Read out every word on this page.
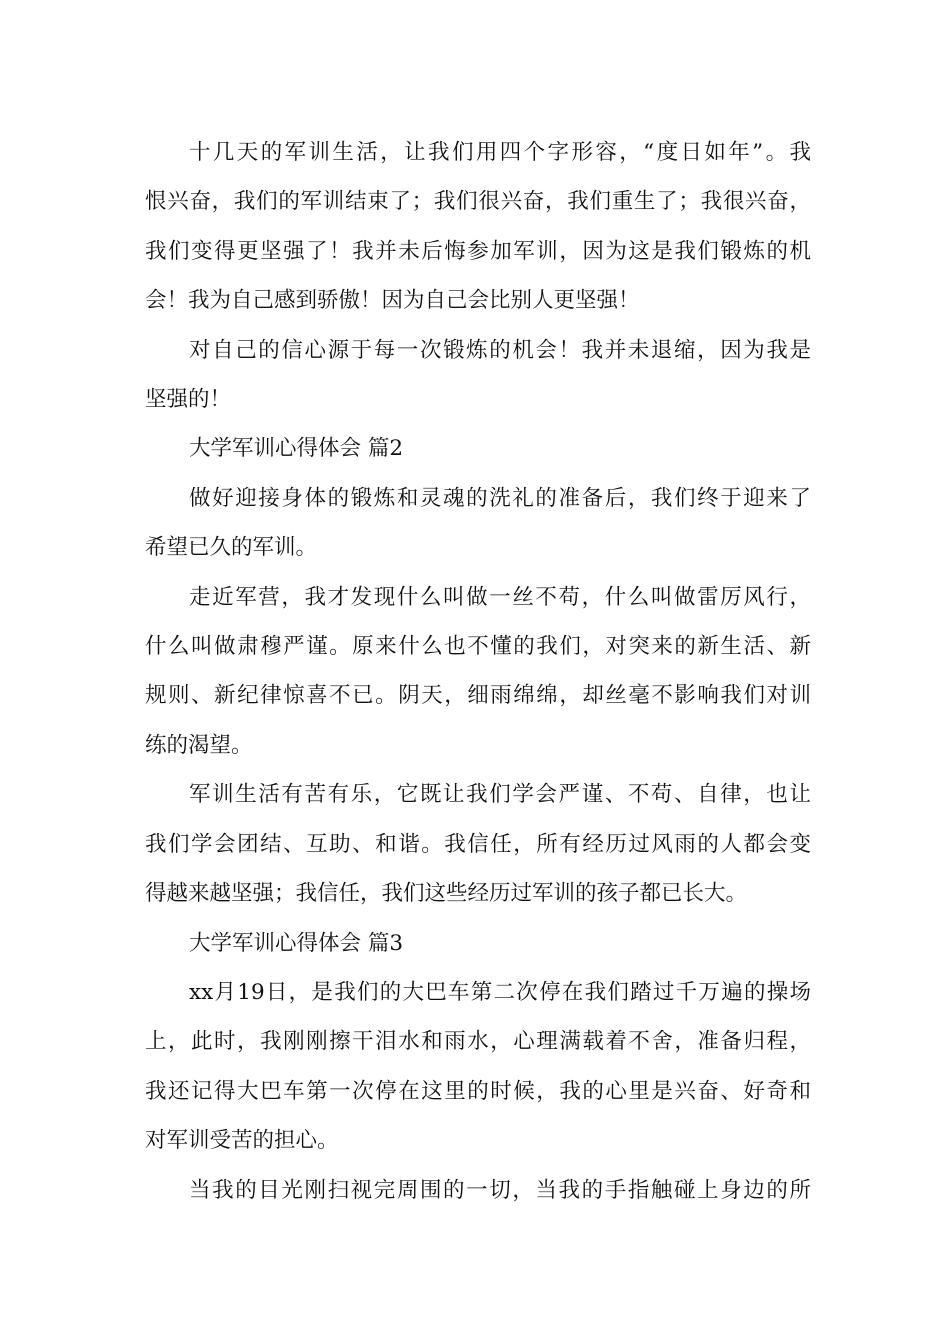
十几天的军训生活，让我们用四个字形容，“度日如年”。我
恨兴奋，我们的军训结束了；我们很兴奋，我们重生了；我很兴奋，
我们变得更坚强了！我并未后悔参加军训，因为这是我们锻炼的机
会！我为自己感到骄傲！因为自己会比别人更坚强！

对自己的信心源于每一次锻炼的机会！我并未退缩，因为我是
坚强的！

大学军训心得体会 篇2

做好迎接身体的锻炼和灵魂的洗礼的准备后，我们终于迎来了
希望已久的军训。

走近军营，我才发现什么叫做一丝不苟，什么叫做雷厉风行，
什么叫做肃穆严谨。原来什么也不懂的我们，对突来的新生活、新
规则、新纪律惊喜不已。阴天，细雨绵绵，却丝毫不影响我们对训
练的渴望。

军训生活有苦有乐，它既让我们学会严谨、不苟、自律，也让
我们学会团结、互助、和谐。我信任，所有经历过风雨的人都会变
得越来越坚强；我信任，我们这些经历过军训的孩子都已长大。

大学军训心得体会 篇3

xx月19日，是我们的大巴车第二次停在我们踏过千万遍的操场
上，此时，我刚刚擦干泪水和雨水，心理满载着不舍，准备归程，
我还记得大巴车第一次停在这里的时候，我的心里是兴奋、好奇和
对军训受苦的担心。

当我的目光刚扫视完周围的一切，当我的手指触碰上身边的所
